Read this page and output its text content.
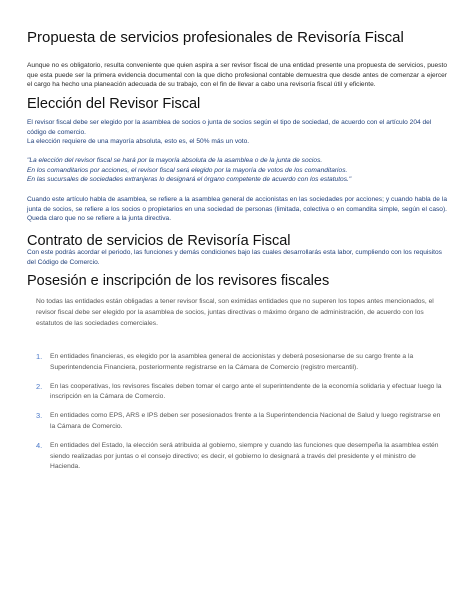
Propuesta de servicios profesionales de Revisoría Fiscal

Aunque no es obligatorio, resulta conveniente que quien aspira a ser revisor fiscal de una entidad presente una propuesta de servicios, puesto que esta puede ser la primera evidencia documental con la que dicho profesional contable demuestra que desde antes de comenzar a ejercer el cargo ha hecho una planeación adecuada de su trabajo, con el fin de llevar a cabo una revisoría fiscal útil y eficiente.

Elección del Revisor Fiscal

El revisor fiscal debe ser elegido por la asamblea de socios o junta de socios según el tipo de sociedad, de acuerdo con el artículo 204 del código de comercio.

La elección requiere de una mayoría absoluta, esto es, el 50% más un voto.

"La elección del revisor fiscal se hará por la mayoría absoluta de la asamblea o de la junta de socios.

En los comanditarios por acciones, el revisor fiscal será elegido por la mayoría de votos de los comanditarios.

En las sucursales de sociedades extranjeras lo designará el órgano competente de acuerdo con los estatutos."

Cuando este artículo habla de asamblea, se refiere a la asamblea general de accionistas en las sociedades por acciones; y cuando habla de la junta de socios, se refiere a los socios o propietarios en una sociedad de personas (limitada, colectiva o en comandita simple, según el caso). Queda claro que no se refiere a la junta directiva.

Contrato de servicios de Revisoría Fiscal

Con este podrás acordar el periodo, las funciones y demás condiciones bajo las cuales desarrollarás esta labor, cumpliendo con los requisitos del Código de Comercio.

Posesión e inscripción de los revisores fiscales

No todas las entidades están obligadas a tener revisor fiscal, son eximidas entidades que no superen los topes antes mencionados, el revisor fiscal debe ser elegido por la asamblea de socios, juntas directivas o máximo órgano de administración, de acuerdo con los estatutos de las sociedades comerciales.

1. En entidades financieras, es elegido por la asamblea general de accionistas y deberá posesionarse de su cargo frente a la Superintendencia Financiera, posteriormente registrarse en la Cámara de Comercio (registro mercantil).
2. En las cooperativas, los revisores fiscales deben tomar el cargo ante el superintendente de la economía solidaria y efectuar luego la inscripción en la Cámara de Comercio.
3. En entidades como EPS, ARS e IPS deben ser posesionados frente a la Superintendencia Nacional de Salud y luego registrarse en la Cámara de Comercio.
4. En entidades del Estado, la elección será atribuida al gobierno, siempre y cuando las funciones que desempeña la asamblea estén siendo realizadas por juntas o el consejo directivo; es decir, el gobierno lo designará a través del presidente y el ministro de Hacienda.
